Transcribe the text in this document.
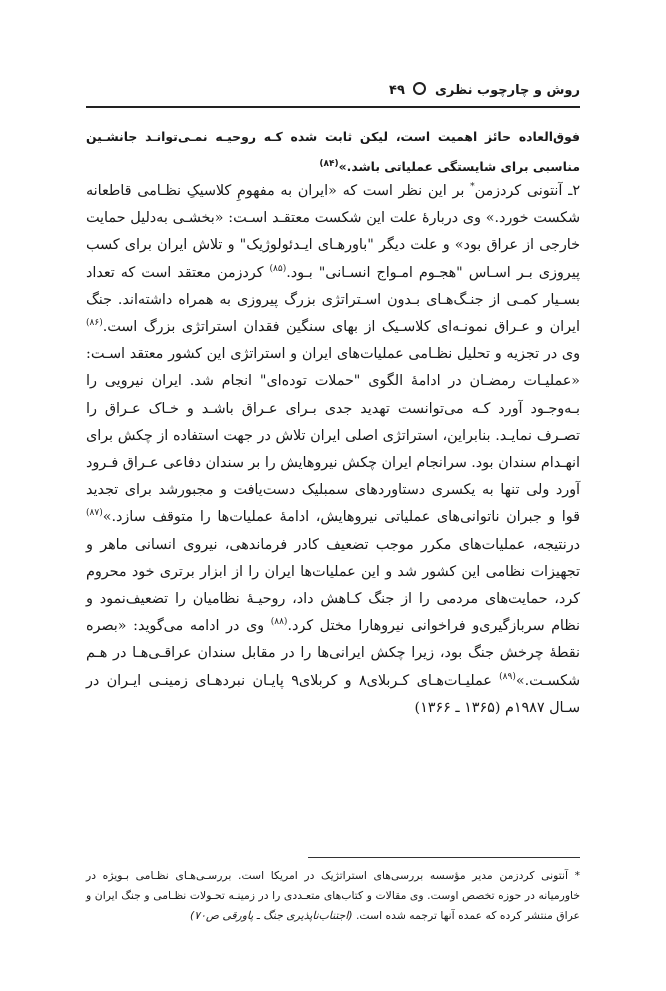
روش و چارچوب نظری  ۴۹
فوق‌العاده حائز اهمیت است، لیکن ثابت شده کـه روحیـه نمـی‌توانـد جانشـین مناسبی برای شایستگی عملیاتی باشد.»$^{(۸۴)}$
۲ـ آنتونی کردزمن* بر این نظر است که «ایران به مفهومِ کلاسیکِ نظـامی قاطعانه شکست خورد.» وی دربارهٔ علت این شکست معتقـد اسـت: «بخشـی به‌دلیل حمایت خارجی از عراق بود» و علت دیگر "باورهـای ایـدئولوژیک" و تلاش ایران برای کسب پیروزی بـر اسـاس "هجـوم امـواج انسـانی" بـود.$^{(۸۵)}$ کردزمن معتقد است که تعداد بسـیار کمـی از جنـگ‌هـای بـدون اسـتراتژی بزرگ پیروزی به همراه داشته‌اند. جنگ ایران و عـراق نمونـه‌ای کلاسـیک از بهای سنگین فقدان استراتژی بزرگ است.$^{(۸۶)}$ وی در تجزیه و تحلیل نظـامی عملیات‌های ایران و استراتژی این کشور معتقد اسـت: «عملیـات رمضـان در ادامهٔ الگوی "حملات توده‌ای" انجام شد. ایران نیرویی را بـه‌وجـود آورد کـه می‌توانست تهدید جدی بـرای عـراق باشـد و خـاک عـراق را تصـرف نمایـد. بنابراین، استراتژی اصلی ایران تلاش در جهت استفاده از چکش برای انهـدام سندان بود. سرانجام ایران چکش نیروهایش را بر سندان دفاعی عـراق فـرود آورد ولی تنها به یکسری دستاوردهای سمبلیک دست‌یافت و مجبورشد برای تجدید قوا و جبران ناتوانی‌های عملیاتی نیروهایش، ادامهٔ عملیات‌ها را متوقف سازد.»$^{(۸۷)}$ درنتیجه، عملیات‌های مکرر موجب تضعیف کادر فرماندهی، نیروی انسانی ماهر و تجهیزات نظامی این کشور شد و این عملیات‌ها ایران را از ابزار برتری خود محروم کرد، حمایت‌های مردمی را از جنگ کـاهش داد، روحیـهٔ نظامیان را تضعیف‌نمود و نظام سربازگیری‌و فراخوانی نیروهارا مختل کرد.$^{(۸۸)}$ وی در ادامه می‌گوید: «بصره نقطهٔ چرخش جنگ بود، زیرا چکش ایرانی‌ها را در مقابل سندان عراقـی‌هـا در هـم شکسـت.»$^{(۸۹)}$ عملیـات‌هـای کـربلای۸ و کربلای۹ پایـان نبردهـای زمینـی ایـران در سـال ۱۹۸۷م (۱۳۶۵ ـ ۱۳۶۶)
* آنتونی کردزمن مدیر مؤسسه بررسی‌های استراتژیک در امریکا است. بررسـی‌هـای نظـامی بـویژه در خاورمیانه در حوزه تخصص اوست. وی مقالات و کتاب‌های متعـددی را در زمینـه تحـولات نظـامی و جنگ ایران و عراق منتشر کرده که عمده آنها ترجمه شده است. (اجتناب‌ناپذیری جنگ ـ پاورقی ص۷۰)
